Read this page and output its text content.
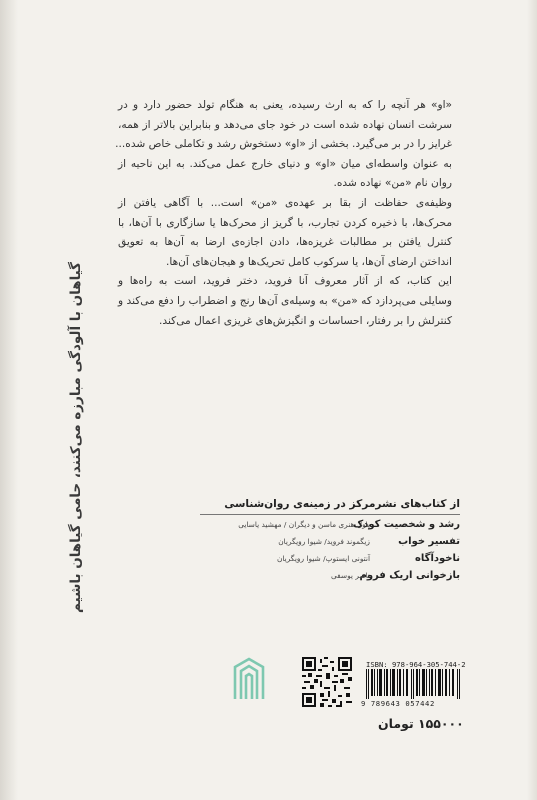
«او» هر آنچه را که به ارث رسیده، یعنی به هنگام تولد حضور دارد و در
سرشت انسان نهاده شده است در خود جای می‌دهد و بنابراین بالاتر از همه،
غرایز را در بر می‌گیرد. بخشی از «او» دستخوش رشد و تکاملی خاص شده...
به عنوان واسطه‌ای میان «او» و دنیای خارج عمل می‌کند. به این ناحیه از
روان نام «من» نهاده شده.

وظیفه‌ی حفاظت از بقا بر عهده‌ی «من» است... با آگاهی یافتن از
محرک‌ها، با ذخیره کردن تجارب، با گریز از محرک‌ها یا سازگاری با آن‌ها، با
کنترل یافتن بر مطالبات غریزه‌ها، دادن اجازه‌ی ارضا به آن‌ها به تعویق
انداختن ارضای آن‌ها، یا سرکوب کامل تحریک‌ها و هیجان‌های آن‌ها.

این کتاب، که از آثار معروف آنا فروید، دختر فروید، است به راه‌ها و
وسایلی می‌پردازد که «من» به وسیله‌ی آن‌ها رنج و اضطراب را دفع می‌کند و
کنترلش را بر رفتار، احساسات و انگیزش‌های غریزی اعمال می‌کند.

گیاهان با آلودگی مبارزه می‌کنند، حامی گیاهان باشیم	از کتاب‌های نشرمرکز در زمینه‌ی روان‌شناسی
رشد و شخصیت کودک
پاول هنری ماسن و دیگران / مهشید یاسایی
تفسیر خواب
زیگموند فروید/ شیوا رویگریان
ناخودآگاه
آنتونی ایستوپ/ شیوا رویگریان
بازخوانی اریک فروم
ناصر یوسفی
ISBN: 978-964-305-744-2
9 789643 057442
۱۵۵۰۰۰ تومان
